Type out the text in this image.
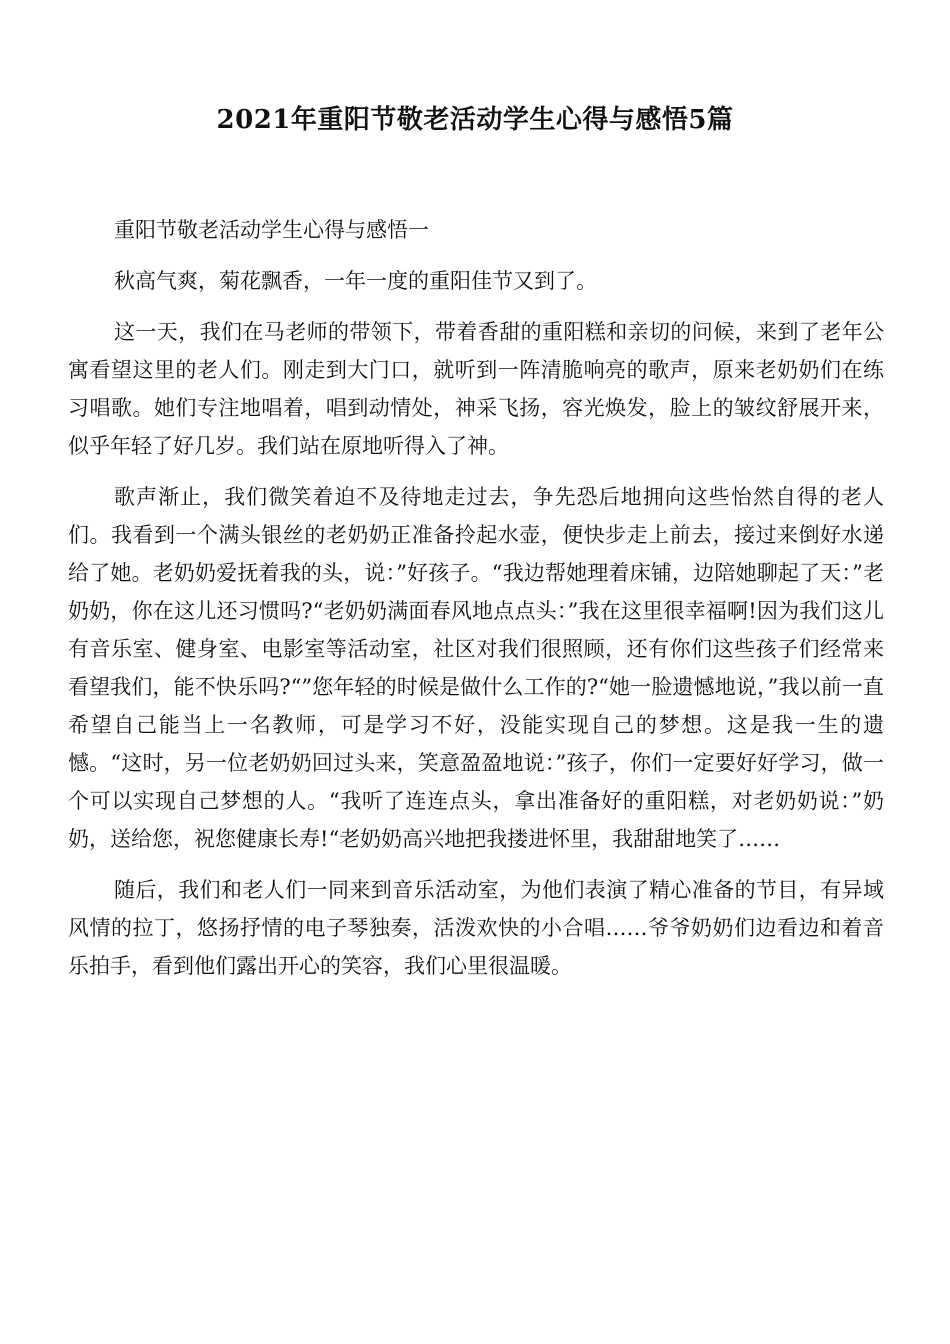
2021年重阳节敬老活动学生心得与感悟5篇

重阳节敬老活动学生心得与感悟一

秋高气爽，菊花飘香，一年一度的重阳佳节又到了。

这一天，我们在马老师的带领下，带着香甜的重阳糕和亲切的问候，来到了老年公寓看望这里的老人们。刚走到大门口，就听到一阵清脆响亮的歌声，原来老奶奶们在练习唱歌。她们专注地唱着，唱到动情处，神采飞扬，容光焕发，脸上的皱纹舒展开来，似乎年轻了好几岁。我们站在原地听得入了神。

歌声渐止，我们微笑着迫不及待地走过去，争先恐后地拥向这些怡然自得的老人们。我看到一个满头银丝的老奶奶正准备拎起水壶，便快步走上前去，接过来倒好水递给了她。老奶奶爱抚着我的头，说：”好孩子。“我边帮她理着床铺，边陪她聊起了天：”老奶奶，你在这儿还习惯吗?“老奶奶满面春风地点点头：”我在这里很幸福啊!因为我们这儿有音乐室、健身室、电影室等活动室，社区对我们很照顾，还有你们这些孩子们经常来看望我们，能不快乐吗?“”您年轻的时候是做什么工作的?“她一脸遗憾地说，”我以前一直希望自己能当上一名教师，可是学习不好，没能实现自己的梦想。这是我一生的遗憾。“这时，另一位老奶奶回过头来，笑意盈盈地说：”孩子，你们一定要好好学习，做一个可以实现自己梦想的人。“我听了连连点头，拿出准备好的重阳糕，对老奶奶说：”奶奶，送给您，祝您健康长寿!“老奶奶高兴地把我搂进怀里，我甜甜地笑了……

随后，我们和老人们一同来到音乐活动室，为他们表演了精心准备的节目，有异域风情的拉丁，悠扬抒情的电子琴独奏，活泼欢快的小合唱……爷爷奶奶们边看边和着音乐拍手，看到他们露出开心的笑容，我们心里很温暖。
